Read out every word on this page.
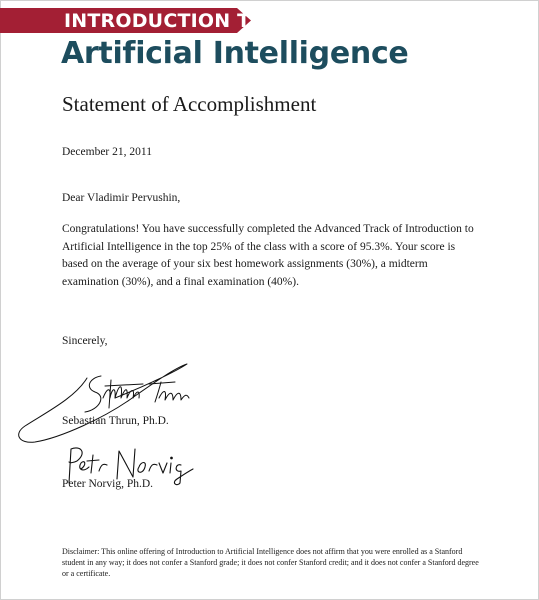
INTRODUCTION TO
Artificial Intelligence
Statement of Accomplishment
December 21, 2011
Dear Vladimir Pervushin,
Congratulations! You have successfully completed the Advanced Track of Introduction to Artificial Intelligence in the top 25% of the class with a score of 95.3%. Your score is based on the average of your six best homework assignments (30%), a midterm examination (30%), and a final examination (40%).
Sincerely,
Sebastian Thrun, Ph.D.
Peter Norvig, Ph.D.
Disclaimer: This online offering of Introduction to Artificial Intelligence does not affirm that you were enrolled as a Stanford student in any way; it does not confer a Stanford grade; it does not confer Stanford credit; and it does not confer a Stanford degree or a certificate.
